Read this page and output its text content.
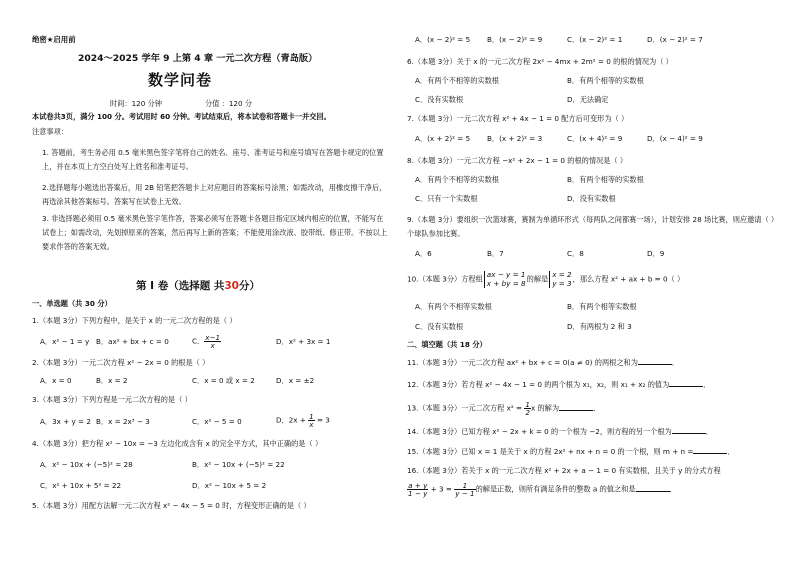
绝密★启用前
2024～2025 学年 9 上第 4 章 一元二次方程（青岛版）
数学问卷
时间：120 分钟	分值 ：120 分
本试卷共3页，满分 100 分。考试用时 60 分钟。考试结束后，将本试卷和答题卡一并交回。
注意事项：
1. 答题前，考生务必用 0.5 毫米黑色签字笔将自己的姓名、座号、准考证号和座号填写在答题卡规定的位置上，并在本页上方空白处写上姓名和准考证号。
2.选择题每小题选出答案后，用 2B 铅笔把答题卡上对应题目的答案标号涂黑；如需改动，用橡皮擦干净后，再选涂其他答案标号。答案写在试卷上无效。
3. 非选择题必须用 0.5 毫米黑色签字笔作答，答案必须写在答题卡各题目指定区域内相应的位置，不能写在试卷上；如需改动，先划掉原来的答案，然后再写上新的答案；不能使用涂改液、胶带纸、修正带。不按以上要求作答的答案无效。
第 I 卷（选择题 共30分）
一、单选题（共 30 分）
1.（本题 3分）下列方程中，是关于 x 的一元二次方程的是（ ）
A．x² − 1 = y B．ax² + bx + c = 0	C． $\frac{x-1}{x}$	D．x² + 3x = 1
2.（本题 3分）一元二次方程 x² − 2x = 0 的根是（ ）
A．x = 0	B．x = 2	C．x = 0 或 x = 2	D．x = ±2
3.（本题 3分）下列方程是一元二次方程的是（ ）
A．3x + y = 2 B．x = 2x³ − 3	C．x² − 5 = 0	D．$2x + \frac{1}{x} = 3$
4.（本题 3分）把方程 x² − 10x = −3 左边化成含有 x 的完全平方式，其中正确的是（ ）
A．x² − 10x + (−5)² = 28	B．x² − 10x + (−5)² = 22
C．x² + 10x + 5² = 22	D．x² − 10x + 5 = 2
5.（本题 3分）用配方法解一元二次方程 x² − 4x − 5 = 0 时，方程变形正确的是（ ）
A．(x − 2)² = 5 B．(x − 2)² = 9	C．(x − 2)² = 1	D．(x − 2)² = 7
6.（本题 3分）关于 x 的一元二次方程 2x² − 4mx + 2m² = 0 的根的情况为（ ）
A．有两个不相等的实数根	B．有两个相等的实数根
C．没有实数根	D．无法确定
7.（本题 3分）一元二次方程 x² + 4x − 1 = 0 配方后可变形为（ ）
A．(x + 2)² = 5 B．(x + 2)² = 3	C．(x + 4)² = 9	D．(x − 4)² = 9
8.（本题 3分）一元二次方程 −x² + 2x − 1 = 0 的根的情况是（ ）
A．有两个不相等的实数根	B．有两个相等的实数根
C．只有一个实数根	D．没有实数根
9.（本题 3分）要组织一次篮球赛，赛制为单循环形式（每两队之间都赛一场），计划安排 28 场比赛，则应邀请（ ）个球队参加比赛。
A．6	B．7	C．8	D．9
10.（本题 3分）方程组
ax − y = 1
x + by = 8 的解是
x = 2
y = 3 ，那么方程 x² + ax + b = 0（ ）
A．有两个不相等实数根	B．有两个相等实数根
C．没有实数根	D．有两根为 2 和 3
二、填空题（共 18 分）
11.（本题 3分）一元二次方程 ax² + bx + c = 0(a ≠ 0) 的两根之和为	．
12.（本题 3分）若方程 x² − 4x − 1 = 0 的两个根为 x₁，x₂，则 x₁ + x₂ 的值为	．
13.（本题 3分）一元二次方程 $x^2 = \frac{1}{2}$ x 的解为	．
14.（本题 3分）已知方程 x² − 2x + k = 0 的一个根为 −2，则方程的另一个根为	．
15.（本题 3分）已知 x = 1 是关于 x 的方程 2x² + nx + n = 0 的一个根，则 m + n =	．
16.（本题 3分）若关于 x 的一元二次方程 x² + 2x + a − 1 = 0 有实数根，且关于 y 的分式方程
$\frac{a + y}{1 - y} + 3 = \frac{1}{y - 1}$ 的解是正数，则所有满足条件的整数 a 的值之和是	．
